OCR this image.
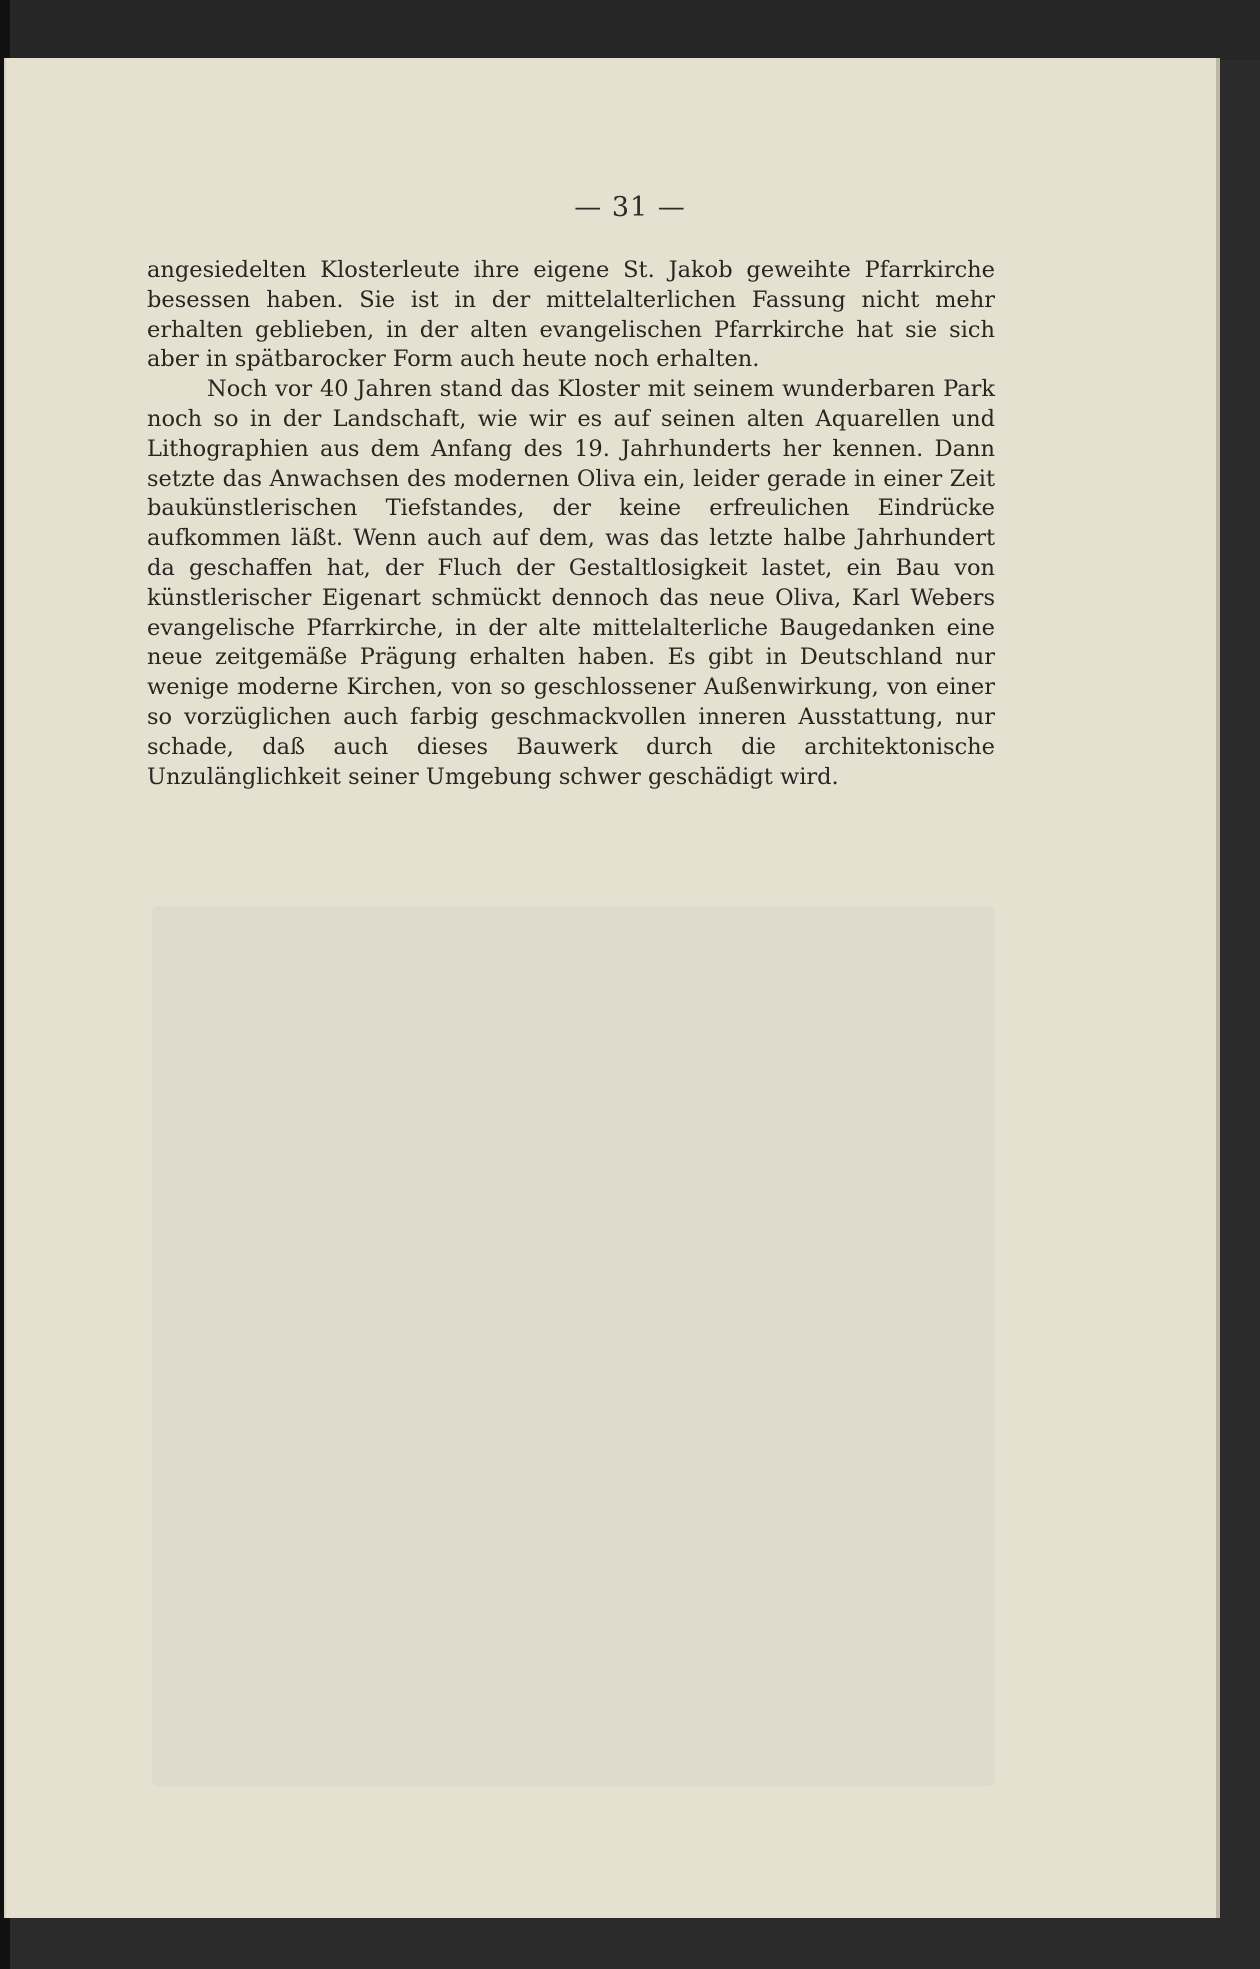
— 31 —

angesiedelten Klosterleute ihre eigene St. Jakob geweihte Pfarrkirche besessen haben. Sie ist in der mittelalterlichen Fassung nicht mehr erhalten geblieben, in der alten evangelischen Pfarrkirche hat sie sich aber in spätbarocker Form auch heute noch erhalten.

Noch vor 40 Jahren stand das Kloster mit seinem wunderbaren Park noch so in der Landschaft, wie wir es auf seinen alten Aquarellen und Lithographien aus dem Anfang des 19. Jahrhunderts her kennen. Dann setzte das Anwachsen des modernen Oliva ein, leider gerade in einer Zeit baukünstlerischen Tiefstandes, der keine erfreulichen Eindrücke aufkommen läßt. Wenn auch auf dem, was das letzte halbe Jahrhundert da geschaffen hat, der Fluch der Gestaltlosigkeit lastet, ein Bau von künstlerischer Eigenart schmückt dennoch das neue Oliva, Karl Webers evangelische Pfarrkirche, in der alte mittelalterliche Baugedanken eine neue zeitgemäße Prägung erhalten haben. Es gibt in Deutschland nur wenige moderne Kirchen, von so geschlossener Außenwirkung, von einer so vorzüglichen auch farbig geschmackvollen inneren Ausstattung, nur schade, daß auch dieses Bauwerk durch die architektonische Unzulänglichkeit seiner Umgebung schwer geschädigt wird.
